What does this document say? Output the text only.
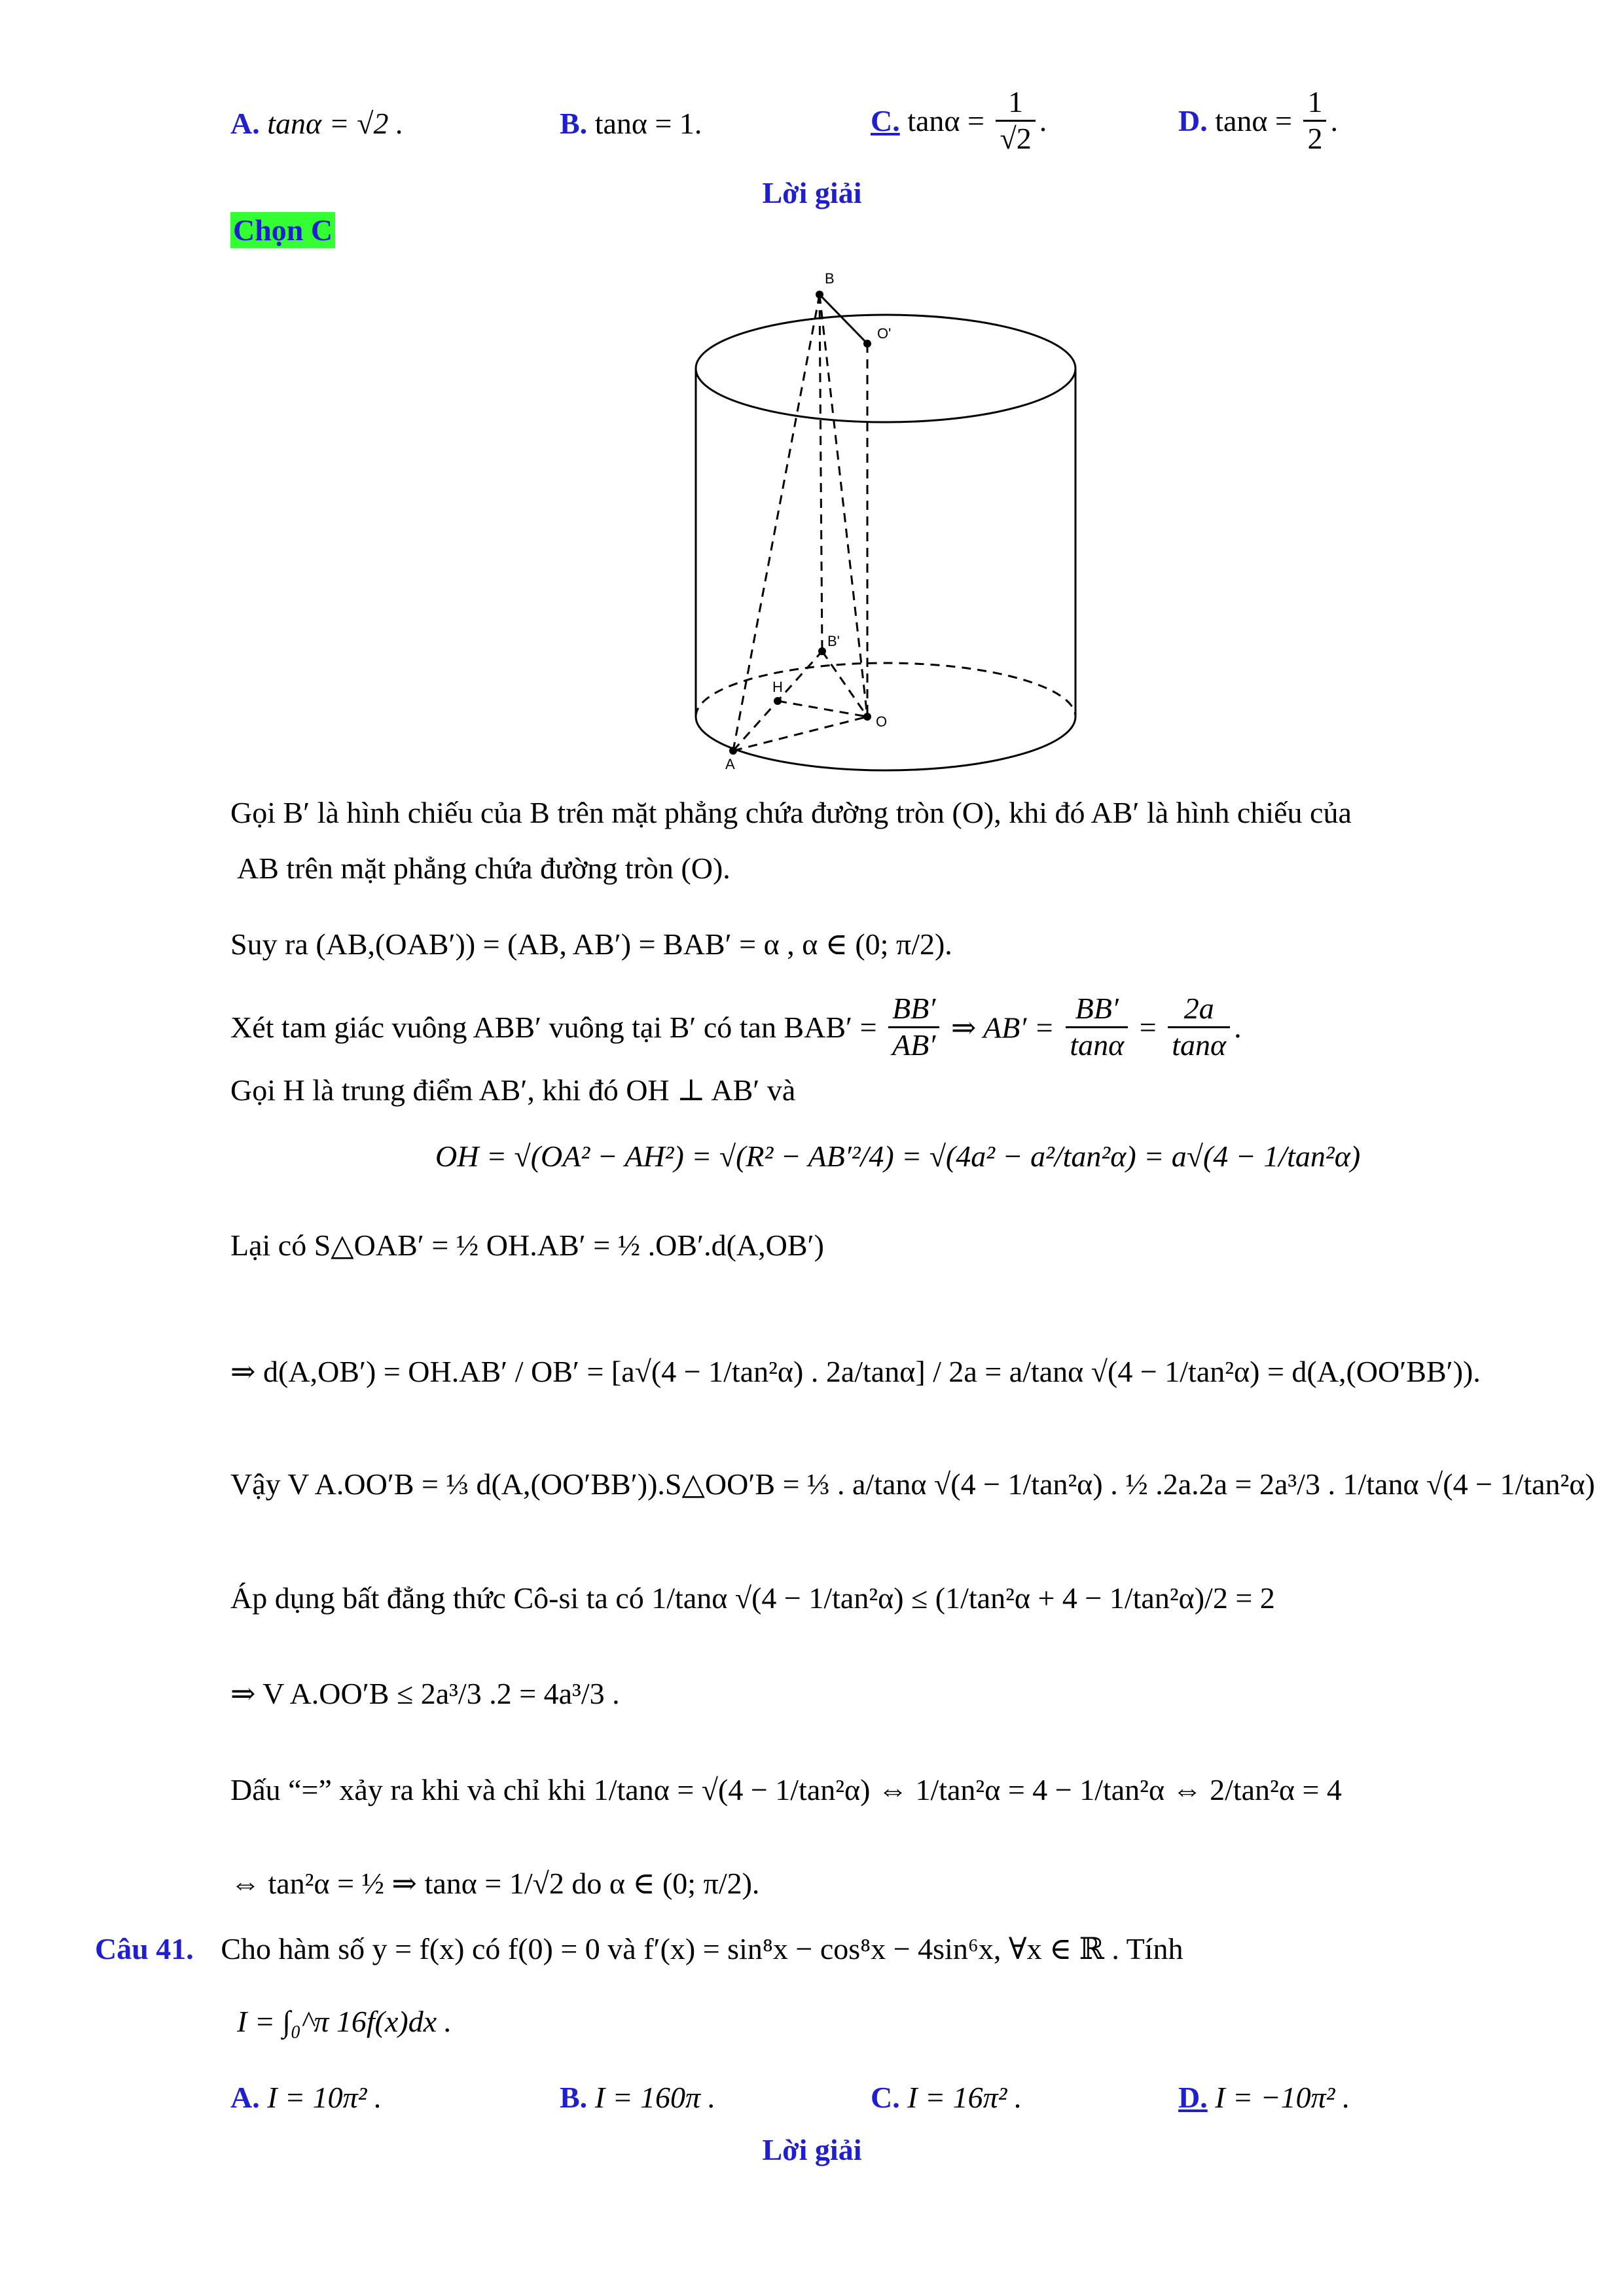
A. tanα = √2 .	B. tanα = 1.	C. $\tan\alpha = \frac{1}{√2}$ .	D. $\tan\alpha = \frac{1}{2}$ .
Lời giải
Chọn C
B
O'
B'
H
O
A
Gọi B′ là hình chiếu của B trên mặt phẳng chứa đường tròn (O), khi đó AB′ là hình chiếu của
AB trên mặt phẳng chứa đường tròn (O).
Suy ra (AB,(OAB′)) = (AB, AB′) = BAB′ = α , α ∈ (0; π/2).
Xét tam giác vuông ABB′ vuông tại B′ có $\tan BAB' = \frac{BB'}{AB'}$ ⇒ $AB' = \frac{BB'}{\tan\alpha} = \frac{2a}{\tan\alpha}$ .
Gọi H là trung điểm AB′, khi đó OH ⊥ AB′ và
OH = √(OA² − AH²) = √(R² − AB′²/4) = √(4a² − a²/tan²α) = a√(4 − 1/tan²α)
Lại có S△OAB′ = ½ OH.AB′ = ½ .OB′.d(A,OB′)
⇒ d(A,OB′) = OH.AB′ / OB′ = [a√(4 − 1/tan²α) . 2a/tanα] / 2a = a/tanα √(4 − 1/tan²α) = d(A,(OO′BB′)).
Vậy V A.OO′B = ⅓ d(A,(OO′BB′)).S△OO′B = ⅓ . a/tanα √(4 − 1/tan²α) . ½ .2a.2a = 2a³/3 . 1/tanα √(4 − 1/tan²α)
Áp dụng bất đẳng thức Cô-si ta có 1/tanα √(4 − 1/tan²α) ≤ (1/tan²α + 4 − 1/tan²α)/2 = 2
⇒ V A.OO′B ≤ 2a³/3 .2 = 4a³/3 .
Dấu “=” xảy ra khi và chỉ khi 1/tanα = √(4 − 1/tan²α) ⇔ 1/tan²α = 4 − 1/tan²α ⇔ 2/tan²α = 4
⇔ tan²α = ½ ⇒ tanα = 1/√2 do α ∈ (0; π/2).
Câu 41. Cho hàm số y = f(x) có f(0) = 0 và f′(x) = sin⁸x − cos⁸x − 4sin⁶x, ∀x ∈ ℝ . Tính
I = ∫₀^π 16f(x)dx .
A. I = 10π² .	B. I = 160π .	C. I = 16π² .	D. I = −10π² .
Lời giải
